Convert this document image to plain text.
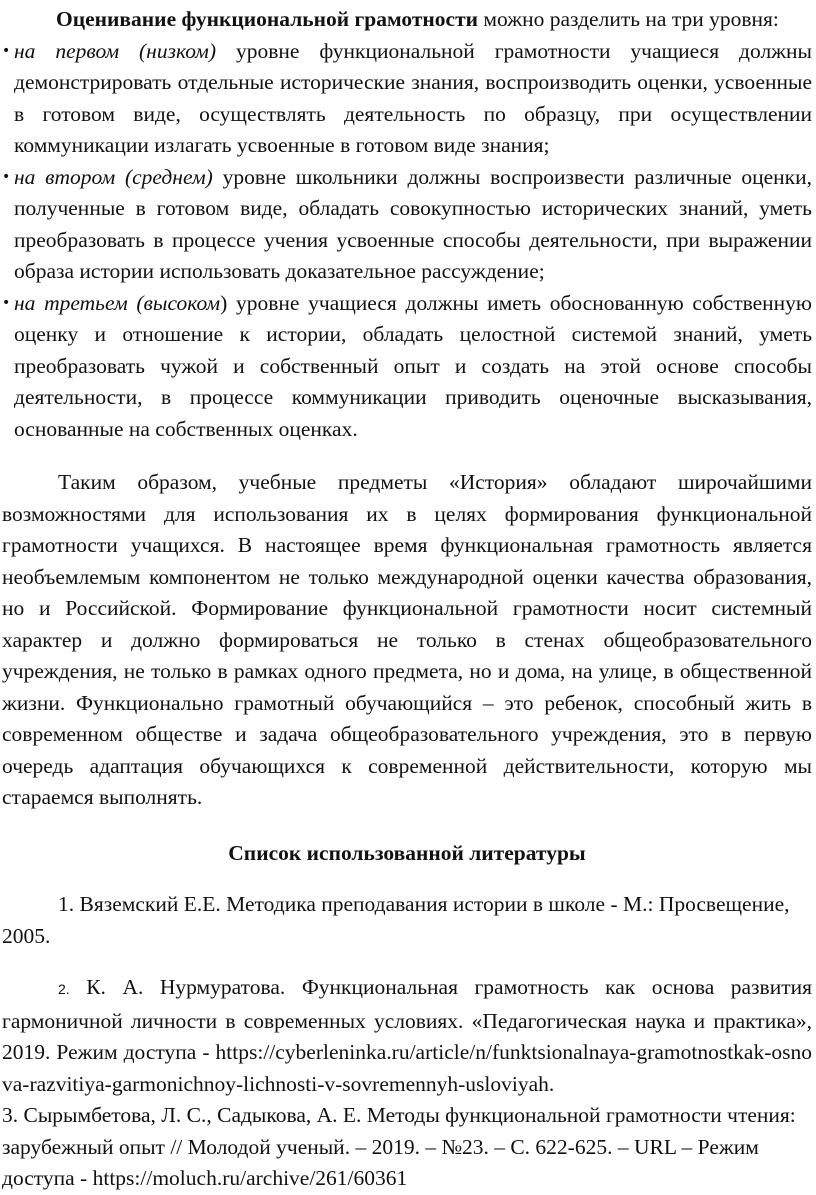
Оценивание функциональной грамотности можно разделить на три уровня:

• на первом (низком) уровне функциональной грамотности учащиеся должны демонстрировать отдельные исторические знания, воспроизводить оценки, усвоенные в готовом виде, осуществлять деятельность по образцу, при осуществлении коммуникации излагать усвоенные в готовом виде знания;
• на втором (среднем) уровне школьники должны воспроизвести различные оценки, полученные в готовом виде, обладать совокупностью исторических знаний, уметь преобразовать в процессе учения усвоенные способы деятельности, при выражении образа истории использовать доказательное рассуждение;
• на третьем (высоком) уровне учащиеся должны иметь обоснованную собственную оценку и отношение к истории, обладать целостной системой знаний, уметь преобразовать чужой и собственный опыт и создать на этой основе способы деятельности, в процессе коммуникации приводить оценочные высказывания, основанные на собственных оценках.

Таким образом, учебные предметы «История» обладают широчайшими возможностями для использования их в целях формирования функциональной грамотности учащихся. В настоящее время функциональная грамотность является необъемлемым компонентом не только международной оценки качества образования, но и Российской. Формирование функциональной грамотности носит системный характер и должно формироваться не только в стенах общеобразовательного учреждения, не только в рамках одного предмета, но и дома, на улице, в общественной жизни. Функционально грамотный обучающийся – это ребенок, способный жить в современном обществе и задача общеобразовательного учреждения, это в первую очередь адаптация обучающихся к современной действительности, которую мы стараемся выполнять.

Список использованной литературы

1. Вяземский Е.Е. Методика преподавания истории в школе - М.: Просвещение, 2005.

2. К. А. Нурмуратова. Функциональная грамотность как основа развития гармоничной личности в современных условиях. «Педагогическая наука и практика», 2019. Режим доступа - https://cyberleninka.ru/article/n/funktsionalnaya-gramotnostkak-osnova-razvitiya-garmonichnoy-lichnosti-v-sovremennyh-usloviyah.

3. Сырымбетова, Л. С., Садыкова, А. Е. Методы функциональной грамотности чтения: зарубежный опыт // Молодой ученый. – 2019. – №23. – С. 622-625. – URL – Режим доступа - https://moluch.ru/archive/261/60361
